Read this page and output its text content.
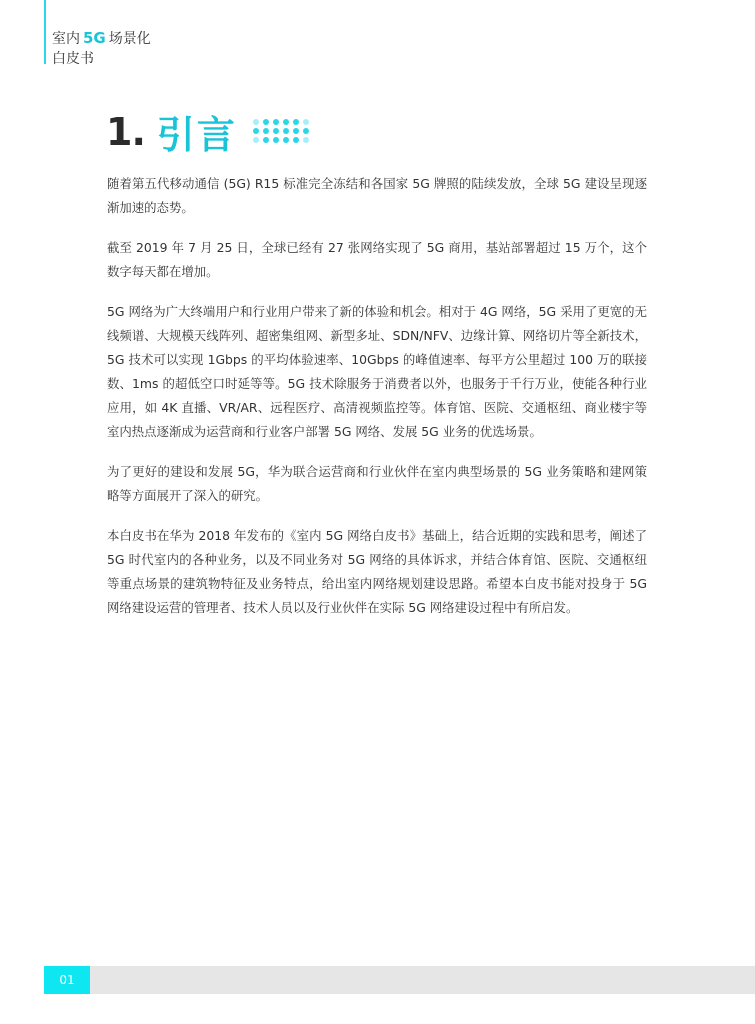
室内 5G 场景化
白皮书
1. 引言

随着第五代移动通信 (5G) R15 标准完全冻结和各国家 5G 牌照的陆续发放，全球 5G 建设呈现逐渐加速的态势。

截至 2019 年 7 月 25 日，全球已经有 27 张网络实现了 5G 商用，基站部署超过 15 万个，这个数字每天都在增加。

5G 网络为广大终端用户和行业用户带来了新的体验和机会。相对于 4G 网络，5G 采用了更宽的无线频谱、大规模天线阵列、超密集组网、新型多址、SDN/NFV、边缘计算、网络切片等全新技术，5G 技术可以实现 1Gbps 的平均体验速率、10Gbps 的峰值速率、每平方公里超过 100 万的联接数、1ms 的超低空口时延等等。5G 技术除服务于消费者以外，也服务于千行万业，使能各种行业应用，如 4K 直播、VR/AR、远程医疗、高清视频监控等。体育馆、医院、交通枢纽、商业楼宇等室内热点逐渐成为运营商和行业客户部署 5G 网络、发展 5G 业务的优选场景。

为了更好的建设和发展 5G，华为联合运营商和行业伙伴在室内典型场景的 5G 业务策略和建网策略等方面展开了深入的研究。

本白皮书在华为 2018 年发布的《室内 5G 网络白皮书》基础上，结合近期的实践和思考，阐述了 5G 时代室内的各种业务，以及不同业务对 5G 网络的具体诉求，并结合体育馆、医院、交通枢纽等重点场景的建筑物特征及业务特点，给出室内网络规划建设思路。希望本白皮书能对投身于 5G 网络建设运营的管理者、技术人员以及行业伙伴在实际 5G 网络建设过程中有所启发。

01
